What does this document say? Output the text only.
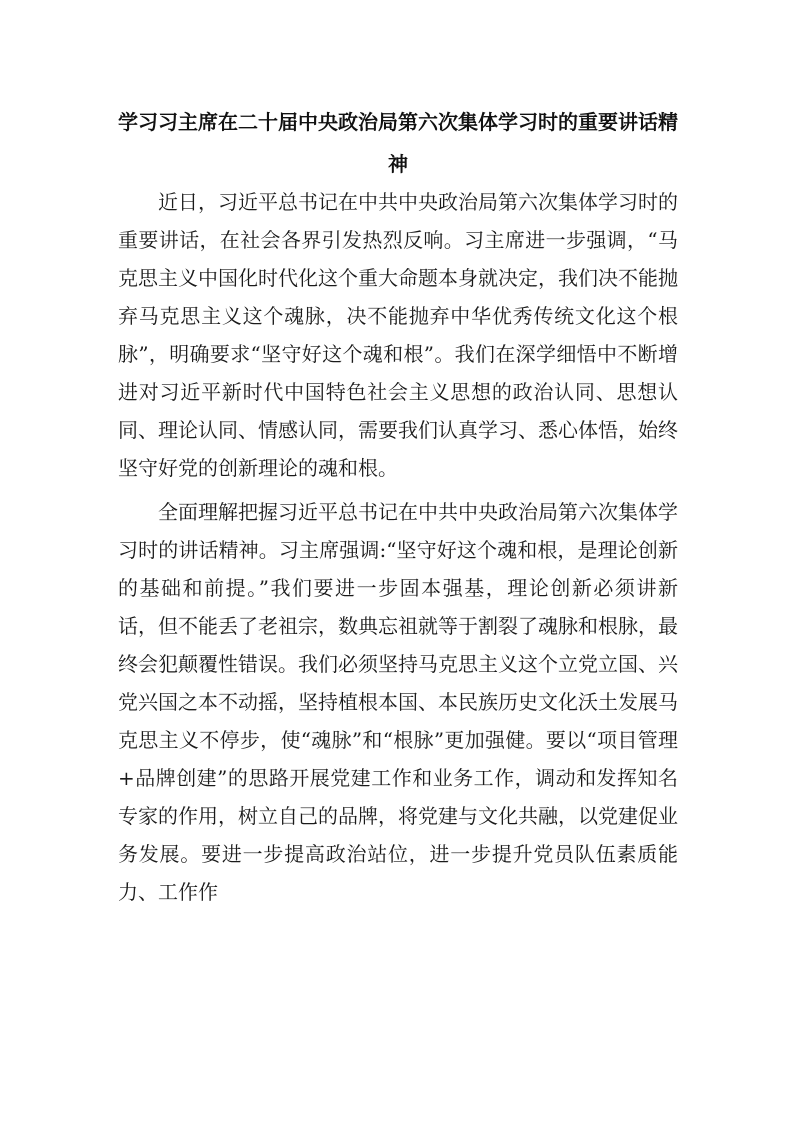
学习习主席在二十届中央政治局第六次集体学习时的重要讲话精神

近日，习近平总书记在中共中央政治局第六次集体学习时的重要讲话，在社会各界引发热烈反响。习主席进一步强调，“马克思主义中国化时代化这个重大命题本身就决定，我们决不能抛弃马克思主义这个魂脉，决不能抛弃中华优秀传统文化这个根脉”，明确要求“坚守好这个魂和根”。我们在深学细悟中不断增进对习近平新时代中国特色社会主义思想的政治认同、思想认同、理论认同、情感认同，需要我们认真学习、悉心体悟，始终坚守好党的创新理论的魂和根。

全面理解把握习近平总书记在中共中央政治局第六次集体学习时的讲话精神。习主席强调:“坚守好这个魂和根，是理论创新的基础和前提。”我们要进一步固本强基，理论创新必须讲新话，但不能丢了老祖宗，数典忘祖就等于割裂了魂脉和根脉，最终会犯颠覆性错误。我们必须坚持马克思主义这个立党立国、兴党兴国之本不动摇，坚持植根本国、本民族历史文化沃土发展马克思主义不停步，使“魂脉”和“根脉”更加强健。要以“项目管理+品牌创建”的思路开展党建工作和业务工作，调动和发挥知名专家的作用，树立自己的品牌，将党建与文化共融，以党建促业务发展。要进一步提高政治站位，进一步提升党员队伍素质能力、工作作
